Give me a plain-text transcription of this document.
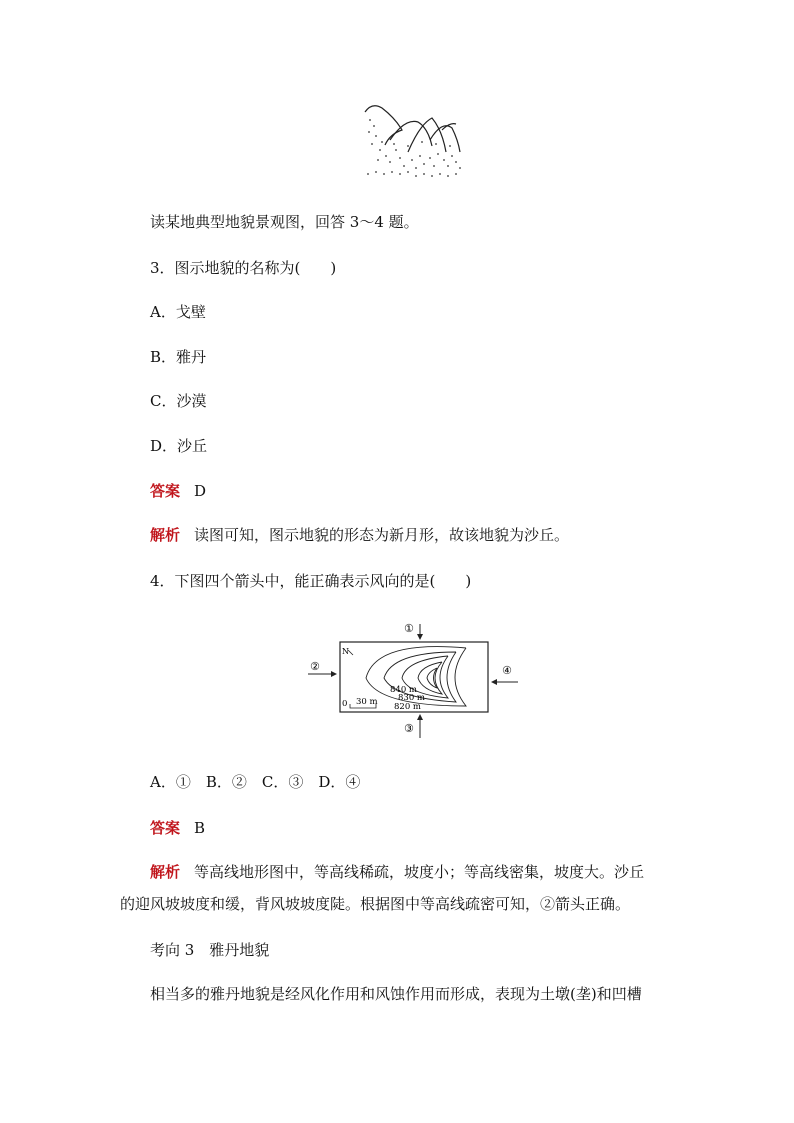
读某地典型地貌景观图，回答 3～4 题。
3．图示地貌的名称为(　　)
A．戈壁
B．雅丹
C．沙漠
D．沙丘
答案 D
解析 读图可知，图示地貌的形态为新月形，故该地貌为沙丘。
4．下图四个箭头中，能正确表示风向的是(　　)
N
840 m
830 m
820 m
0 30 m
①
②
③
④
A．①　B．②　C．③　D．④
答案 B
解析 等高线地形图中，等高线稀疏，坡度小；等高线密集，坡度大。沙丘
的迎风坡坡度和缓，背风坡坡度陡。根据图中等高线疏密可知，②箭头正确。
考向 3　雅丹地貌
相当多的雅丹地貌是经风化作用和风蚀作用而形成，表现为土墩(垄)和凹槽
